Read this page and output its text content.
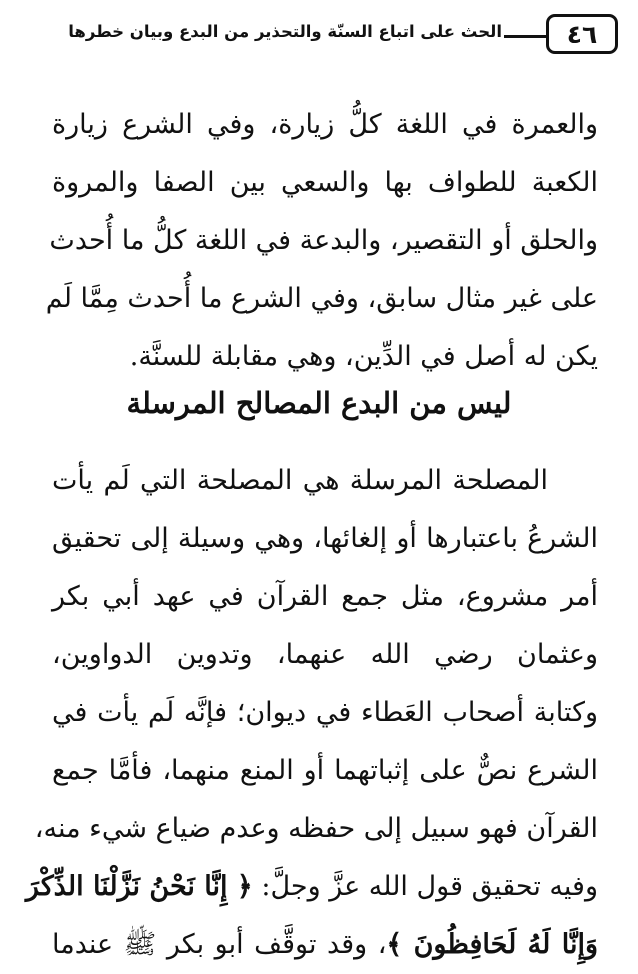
٤٦
الحث على اتباع السنّة والتحذير من البدع وبيان خطرها
والعمرة في اللغة كلُّ زيارة، وفي الشرع زيارة
الكعبة للطواف بها والسعي بين الصفا والمروة
والحلق أو التقصير، والبدعة في اللغة كلُّ ما أُحدث
على غير مثال سابق، وفي الشرع ما أُحدث مِمَّا لَم
يكن له أصل في الدِّين، وهي مقابلة للسنَّة.
ليس من البدع المصالح المرسلة
المصلحة المرسلة هي المصلحة التي لَم يأت
الشرعُ باعتبارها أو إلغائها، وهي وسيلة إلى تحقيق
أمر مشروع، مثل جمع القرآن في عهد أبي بكر
وعثمان رضي الله عنهما، وتدوين الدواوين،
وكتابة أصحاب العَطاء في ديوان؛ فإنَّه لَم يأت في
الشرع نصٌّ على إثباتهما أو المنع منهما، فأمَّا جمع
القرآن فهو سبيل إلى حفظه وعدم ضياع شيء منه،
وفيه تحقيق قول الله عزَّ وجلَّ: ﴿ إِنَّا نَحْنُ نَزَّلْنَا الذِّكْرَ
وَإِنَّا لَهُ لَحَافِظُونَ ﴾، وقد توقَّف أبو بكر ﷺ عندما
